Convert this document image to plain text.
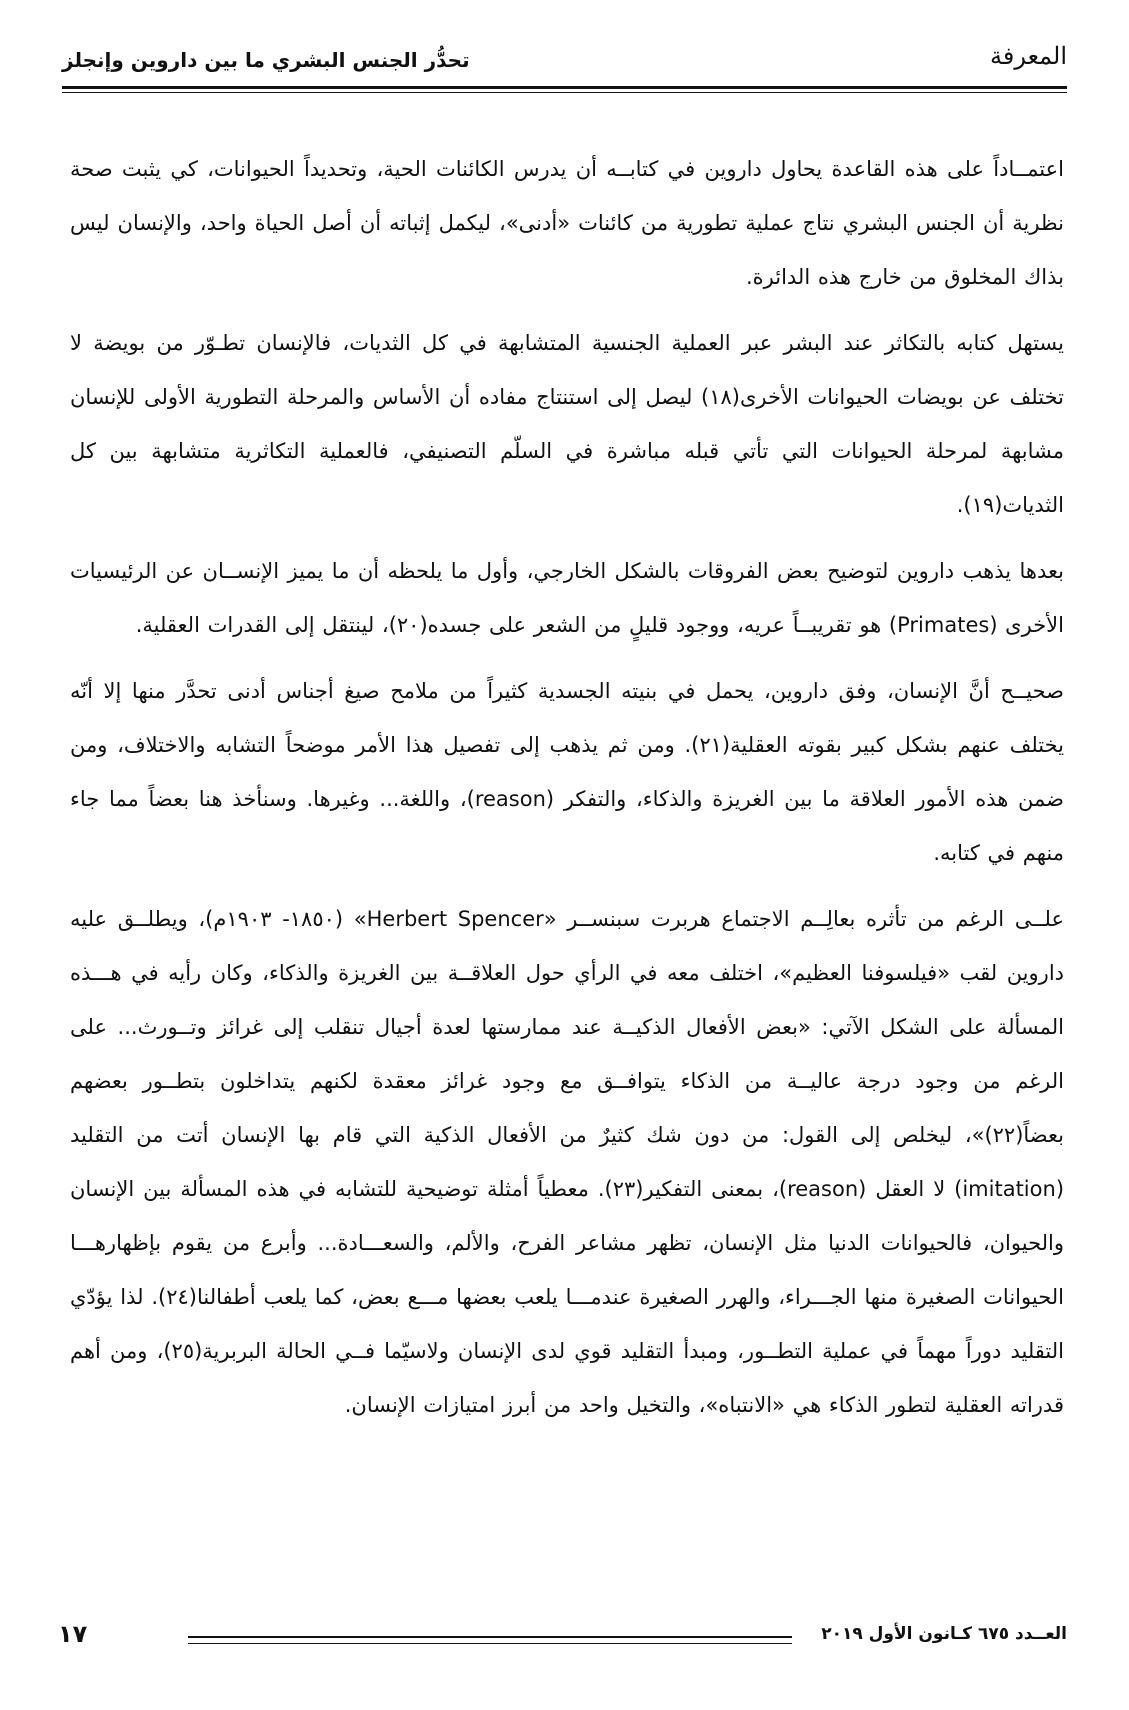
المعرفة
تحدُّر الجنس البشري ما بين داروين وإنجلز

اعتمــاداً على هذه القاعدة يحاول داروين في كتابــه أن يدرس الكائنات الحية، وتحديداً الحيوانات، كي يثبت صحة نظرية أن الجنس البشري نتاج عملية تطورية من كائنات «أدنى»، ليكمل إثباته أن أصل الحياة واحد، والإنسان ليس بذاك المخلوق من خارج هذه الدائرة.

يستهل كتابه بالتكاثر عند البشر عبر العملية الجنسية المتشابهة في كل الثديات، فالإنسان تطـوّر من بويضة لا تختلف عن بويضات الحيوانات الأخرى(١٨) ليصل إلى استنتاج مفاده أن الأساس والمرحلة التطورية الأولى للإنسان مشابهة لمرحلة الحيوانات التي تأتي قبله مباشرة في السلّم التصنيفي، فالعملية التكاثرية متشابهة بين كل الثديات(١٩).

بعدها يذهب داروين لتوضيح بعض الفروقات بالشكل الخارجي، وأول ما يلحظه أن ما يميز الإنســان عن الرئيسيات الأخرى (Primates) هو تقريبــاً عريه، ووجود قليلٍ من الشعر على جسده(٢٠)، لينتقل إلى القدرات العقلية.

صحيــح أنَّ الإنسان، وفق داروين، يحمل في بنيته الجسدية كثيراً من ملامح صيغ أجناس أدنى تحدَّر منها إلا أنّه يختلف عنهم بشكل كبير بقوته العقلية(٢١). ومن ثم يذهب إلى تفصيل هذا الأمر موضحاً التشابه والاختلاف، ومن ضمن هذه الأمور العلاقة ما بين الغريزة والذكاء، والتفكر (reason)، واللغة... وغيرها. وسنأخذ هنا بعضاً مما جاء منهم في كتابه.

علــى الرغم من تأثره بعالِــم الاجتماع هربرت سبنســر «Herbert Spencer» (١٨٥٠- ١٩٠٣م)، ويطلــق عليه داروين لقب «فيلسوفنا العظيم»، اختلف معه في الرأي حول العلاقــة بين الغريزة والذكاء، وكان رأيه في هـــذه المسألة على الشكل الآتي: «بعض الأفعال الذكيــة عند ممارستها لعدة أجيال تنقلب إلى غرائز وتــورث... على الرغم من وجود درجة عاليــة من الذكاء يتوافــق مع وجود غرائز معقدة لكنهم يتداخلون بتطــور بعضهم بعضاً(٢٢)»، ليخلص إلى القول: من دون شك كثيرٌ من الأفعال الذكية التي قام بها الإنسان أتت من التقليد (imitation) لا العقل (reason)، بمعنى التفكير(٢٣). معطياً أمثلة توضيحية للتشابه في هذه المسألة بين الإنسان والحيوان، فالحيوانات الدنيا مثل الإنسان، تظهر مشاعر الفرح، والألم، والسعـــادة... وأبرع من يقوم بإظهارهـــا الحيوانات الصغيرة منها الجـــراء، والهرر الصغيرة عندمـــا يلعب بعضها مـــع بعض، كما يلعب أطفالنا(٢٤). لذا يؤدّي التقليد دوراً مهماً في عملية التطــور، ومبدأ التقليد قوي لدى الإنسان ولاسيّما فــي الحالة البربرية(٢٥)، ومن أهم قدراته العقلية لتطور الذكاء هي «الانتباه»، والتخيل واحد من أبرز امتيازات الإنسان.

١٧	العــدد ٦٧٥ كـانون الأول ٢٠١٩
